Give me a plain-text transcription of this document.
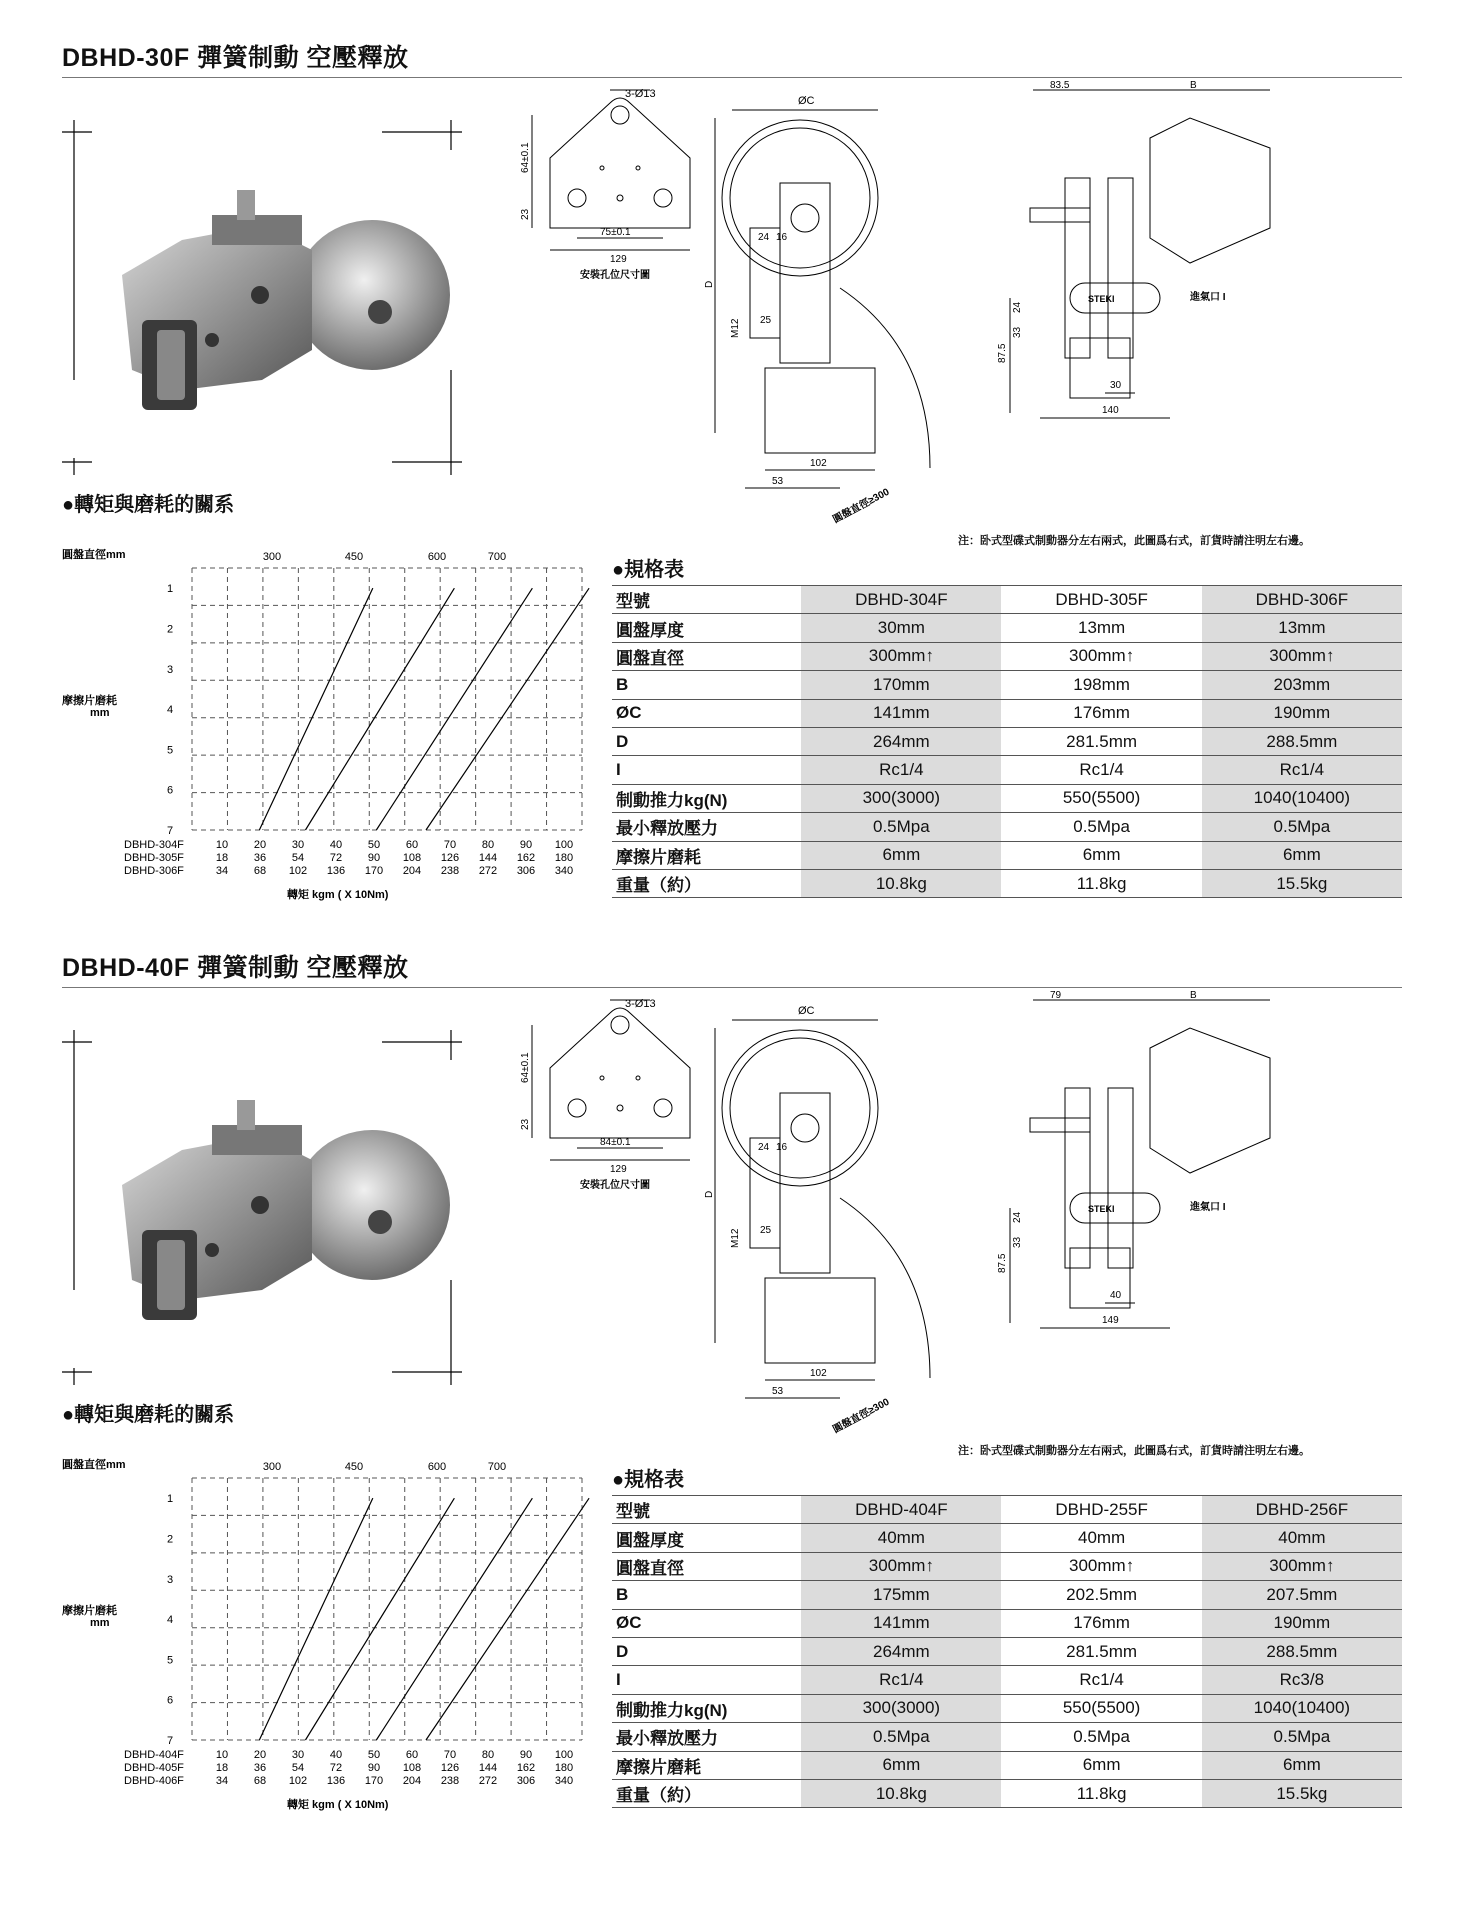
DBHD-30F 彈簧制動 空壓釋放
3-Ø13
64±0.1
23
75±0.1
129
安裝孔位尺寸圖
ØC
D
M12
24 16
25
102
53
圓盤直徑≥300
83.5	B
STEKI	進氣口 I
24
33
87.5
30
140
注：卧式型碟式制動器分左右兩式，此圖爲右式，訂貨時請注明左右邊。
●轉矩與磨耗的關系
圓盤直徑mm
摩擦片磨耗
mm
1
2
3
4
5
6
7
300	450	600	700
DBHD-304F	10 20 30 40 50 60 70 80 90 100
DBHD-305F	18 36 54 72 90 108 126 144 162 180
DBHD-306F	34 68 102 136 170 204 238 272 306 340
轉矩 kgm ( X 10Nm)
●規格表
型號	DBHD-304F	DBHD-305F	DBHD-306F
圓盤厚度	30mm	13mm	13mm
圓盤直徑	300mm↑	300mm↑	300mm↑
B	170mm	198mm	203mm
ØC	141mm	176mm	190mm
D	264mm	281.5mm	288.5mm
I	Rc1/4	Rc1/4	Rc1/4
制動推力kg(N)	300(3000)	550(5500)	1040(10400)
最小釋放壓力	0.5Mpa	0.5Mpa	0.5Mpa
摩擦片磨耗	6mm	6mm	6mm
重量（約）	10.8kg	11.8kg	15.5kg
DBHD-40F 彈簧制動 空壓釋放
3-Ø13
64±0.1
23
84±0.1
129
安裝孔位尺寸圖
ØC
D
M12
24 16
25
102
53
圓盤直徑≥300
79	B
STEKI	進氣口 I
24
33
87.5
40
149
注：卧式型碟式制動器分左右兩式，此圖爲右式，訂貨時請注明左右邊。
●轉矩與磨耗的關系
圓盤直徑mm
摩擦片磨耗
mm
1
2
3
4
5
6
7
300	450	600	700
DBHD-404F	10 20 30 40 50 60 70 80 90 100
DBHD-405F	18 36 54 72 90 108 126 144 162 180
DBHD-406F	34 68 102 136 170 204 238 272 306 340
轉矩 kgm ( X 10Nm)
●規格表
型號	DBHD-404F	DBHD-255F	DBHD-256F
圓盤厚度	40mm	40mm	40mm
圓盤直徑	300mm↑	300mm↑	300mm↑
B	175mm	202.5mm	207.5mm
ØC	141mm	176mm	190mm
D	264mm	281.5mm	288.5mm
I	Rc1/4	Rc1/4	Rc3/8
制動推力kg(N)	300(3000)	550(5500)	1040(10400)
最小釋放壓力	0.5Mpa	0.5Mpa	0.5Mpa
摩擦片磨耗	6mm	6mm	6mm
重量（約）	10.8kg	11.8kg	15.5kg
